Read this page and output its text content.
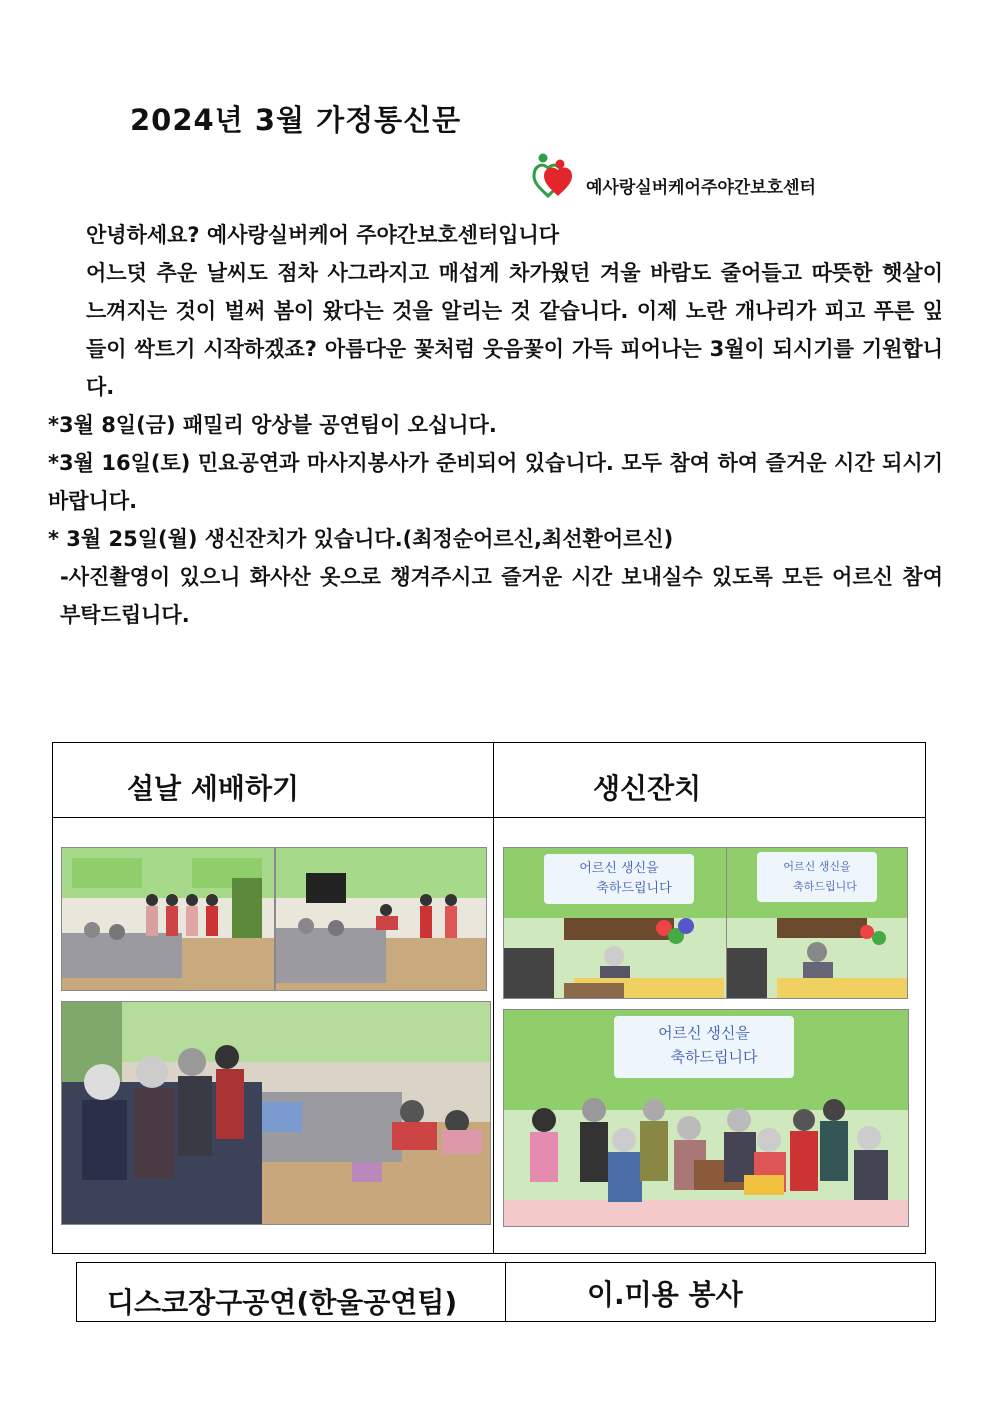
2024년 3월 가정통신문
예사랑실버케어주야간보호센터

안녕하세요? 예사랑실버케어 주야간보호센터입니다

어느덧 추운 날씨도 점차 사그라지고 매섭게 차가웠던 겨울 바람도 줄어들고 따뜻한 햇살이 느껴지는 것이 벌써 봄이 왔다는 것을 알리는 것 같습니다. 이제 노란 개나리가 피고 푸른 잎들이 싹트기 시작하겠죠? 아름다운 꽃처럼 웃음꽃이 가득 피어나는 3월이 되시기를 기원합니다.

*3월 8일(금) 패밀리 앙상블 공연팀이 오십니다.

*3월 16일(토) 민요공연과 마사지봉사가 준비되어 있습니다. 모두 참여 하여 즐거운 시간 되시기 바랍니다.

* 3월 25일(월) 생신잔치가 있습니다.(최정순어르신,최선환어르신)

-사진촬영이 있으니 화사산 옷으로 챙겨주시고 즐거운 시간 보내실수 있도록 모든 어르신 참여 부탁드립니다.

설날 세배하기	생신잔치
어르신 생신을
축하드립니다
어르신 생신을
축하드립니다
어르신 생신을
축하드립니다
디스코장구공연(한울공연팀)	이.미용 봉사
